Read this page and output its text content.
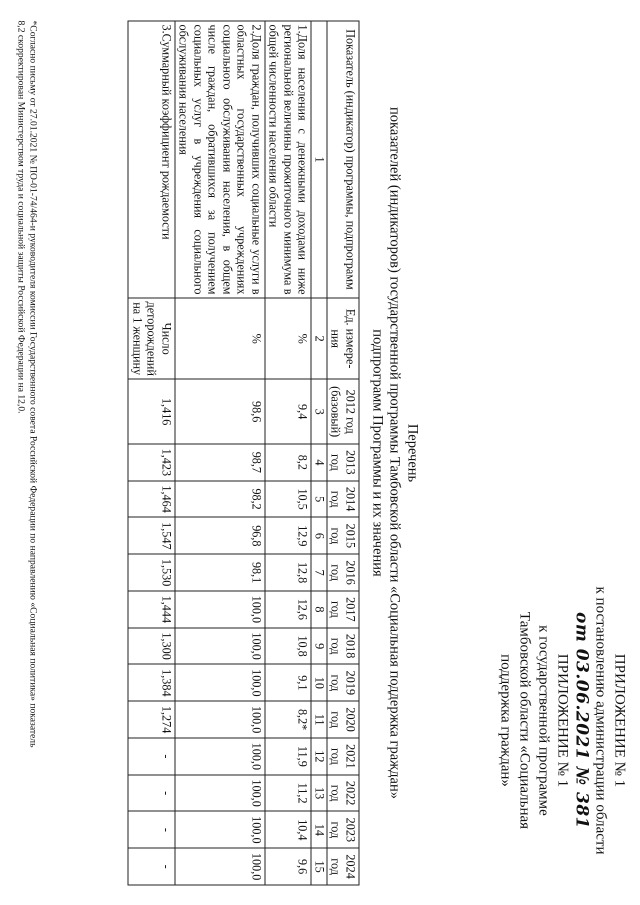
ПРИЛОЖЕНИЕ № 1
к постановлению администрации области
от 03.06.2021 № 381
ПРИЛОЖЕНИЕ № 1
к государственной программе
Тамбовской области «Социальная
поддержка граждан»
Перечень
показателей (индикаторов) государственной программы Тамбовской области «Социальная поддержка граждан»
подпрограмм Программы и их значения
Показатель (индикатор) программы, подпрограмм	Ед. измере-ния	2012 год (базовый)	2013 год	2014 год	2015 год	2016 год	2017 год	2018 год	2019 год	2020 год	2021 год	2022 год	2023 год	2024 год
1	2	3	4	5	6	7	8	9	10	11	12	13	14	15
1.Доля населения с денежными доходами ниже региональной величины прожиточного минимума в общей численности населения области	%	9,4	8,2	10,5	12,9	12,8	12,6	10,8	9,1	8,2*	11,9	11,2	10,4	9,6
2.Доля граждан, получивших социальные услуги в областных государственных учреждениях социального обслуживания населения, в общем числе граждан, обратившихся за получением социальных услуг в учреждения социального обслуживания населения	%	98,6	98,7	98,2	96,8	98,1	100,0	100,0	100,0	100,0	100,0	100,0	100,0	100,0
3.Суммарный коэффициент рождаемости	Число деторождений на 1 женщину	1,416	1,423	1,464	1,547	1,530	1,444	1,300	1,384	1,274	-	-	-	-
*Согласно письму от 27.01.2021 № ПО-01-74/464-и руководителя комиссии Государственного совета Российской Федерации по направлению «Социальная политика» показатель
8,2 скорректирован Министерством труда и социальной защиты Российской Федерации на 12,0.
